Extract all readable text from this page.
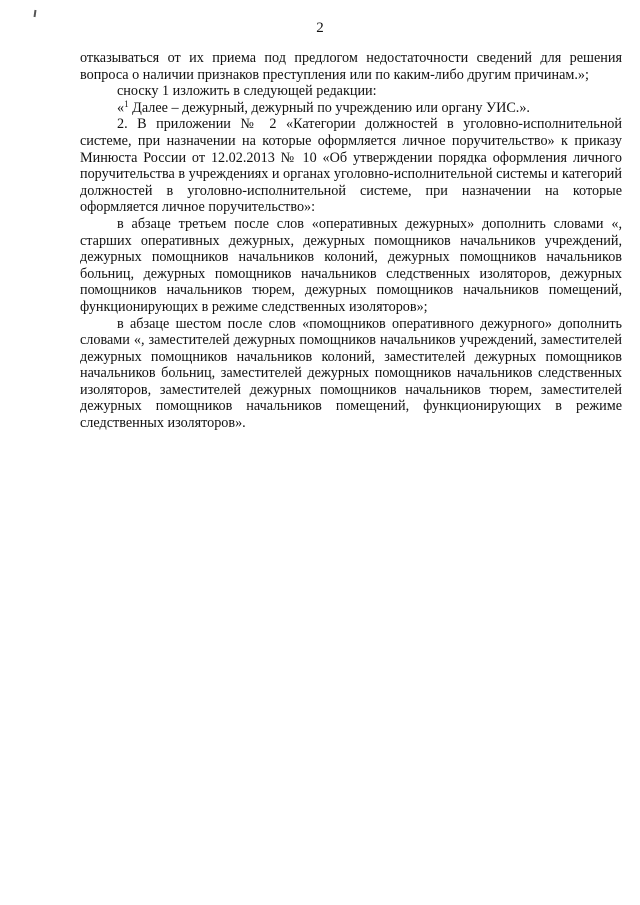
2

отказываться от их приема под предлогом недостаточности сведений для решения вопроса о наличии признаков преступления или по каким-либо другим причинам.»;

сноску 1 изложить в следующей редакции:

«$^1$ Далее – дежурный, дежурный по учреждению или органу УИС.».

2. В приложении № 2 «Категории должностей в уголовно-исполнительной системе, при назначении на которые оформляется личное поручительство» к приказу Минюста России от 12.02.2013 № 10 «Об утверждении порядка оформления личного поручительства в учреждениях и органах уголовно-исполнительной системы и категорий должностей в уголовно-исполнительной системе, при назначении на которые оформляется личное поручительство»:

в абзаце третьем после слов «оперативных дежурных» дополнить словами «, старших оперативных дежурных, дежурных помощников начальников учреждений, дежурных помощников начальников колоний, дежурных помощников начальников больниц, дежурных помощников начальников следственных изоляторов, дежурных помощников начальников тюрем, дежурных помощников начальников помещений, функционирующих в режиме следственных изоляторов»;

в абзаце шестом после слов «помощников оперативного дежурного» дополнить словами «, заместителей дежурных помощников начальников учреждений, заместителей дежурных помощников начальников колоний, заместителей дежурных помощников начальников больниц, заместителей дежурных помощников начальников следственных изоляторов, заместителей дежурных помощников начальников тюрем, заместителей дежурных помощников начальников помещений, функционирующих в режиме следственных изоляторов».
